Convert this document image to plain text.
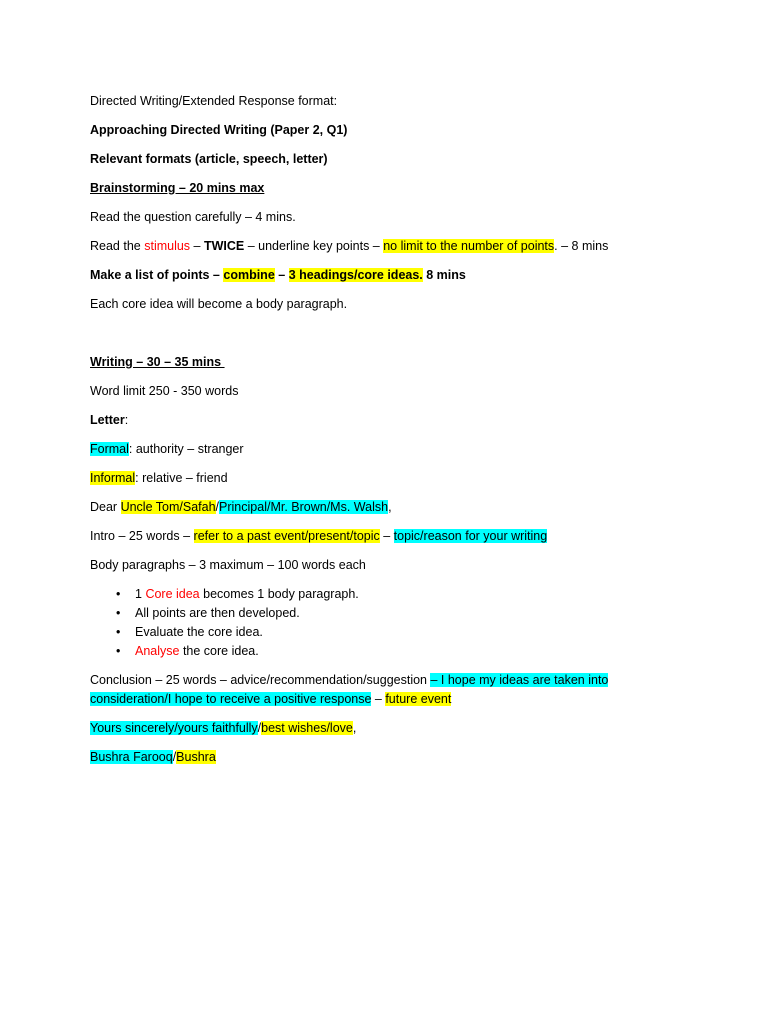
Directed Writing/Extended Response format:
Approaching Directed Writing (Paper 2, Q1)
Relevant formats (article, speech, letter)
Brainstorming – 20 mins max
Read the question carefully – 4 mins.
Read the stimulus – TWICE – underline key points – no limit to the number of points. – 8 mins
Make a list of points – combine – 3 headings/core ideas. 8 mins
Each core idea will become a body paragraph.
Writing – 30 – 35 mins
Word limit 250 - 350 words
Letter:
Formal: authority – stranger
Informal: relative – friend
Dear Uncle Tom/Safah/Principal/Mr. Brown/Ms. Walsh,
Intro – 25 words – refer to a past event/present/topic – topic/reason for your writing
Body paragraphs – 3 maximum – 100 words each
• 1 Core idea becomes 1 body paragraph.
• All points are then developed.
• Evaluate the core idea.
• Analyse the core idea.
Conclusion – 25 words – advice/recommendation/suggestion – I hope my ideas are taken into
consideration/I hope to receive a positive response – future event
Yours sincerely/yours faithfully/best wishes/love,
Bushra Farooq/Bushra
